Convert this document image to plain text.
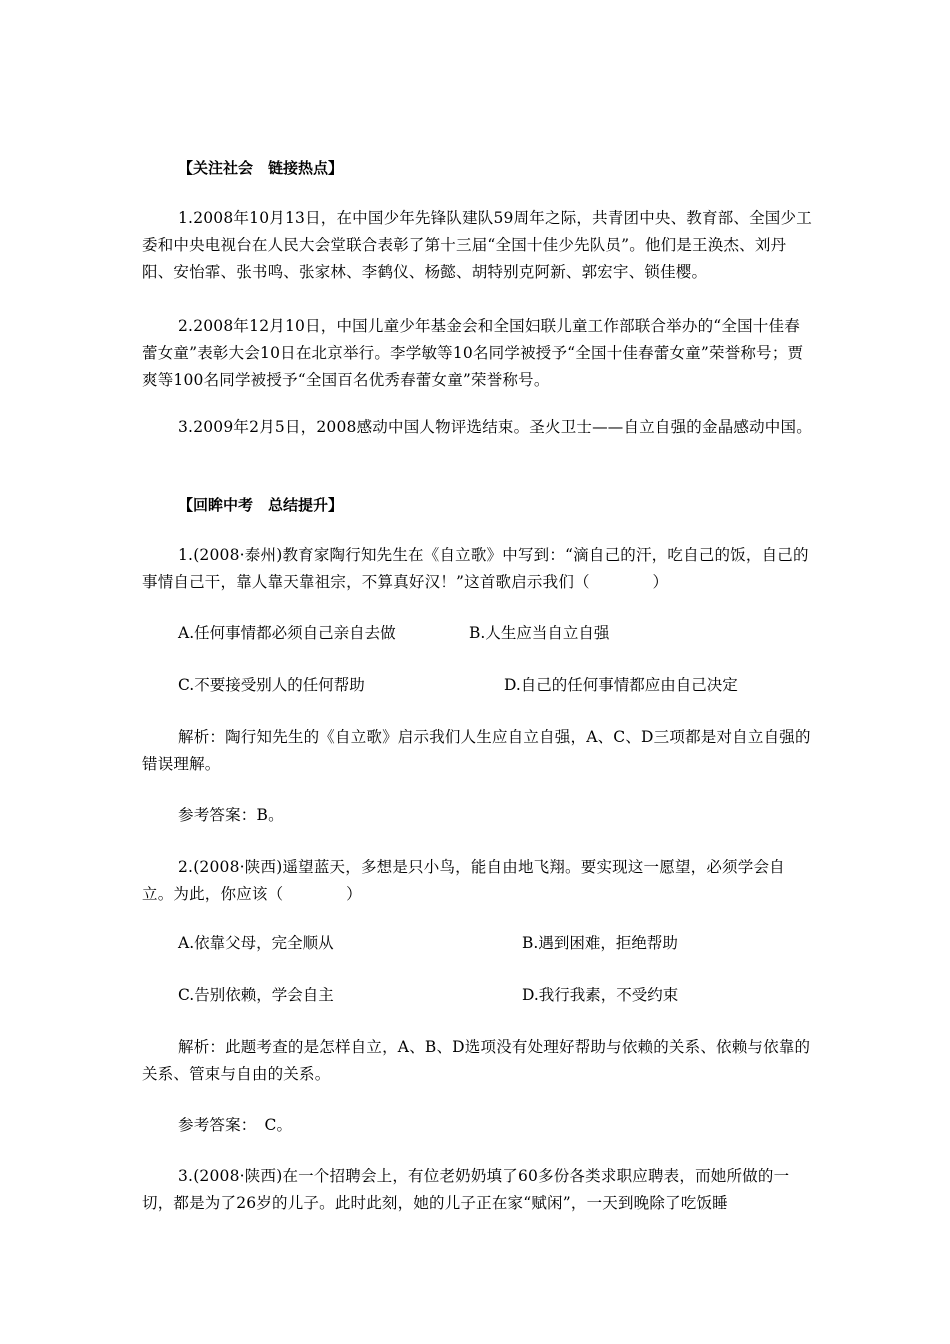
【关注社会　链接热点】
1.2008年10月13日，在中国少年先锋队建队59周年之际，共青团中央、教育部、全国少工委和中央电视台在人民大会堂联合表彰了第十三届“全国十佳少先队员”。他们是王涣杰、刘丹阳、安怡霏、张书鸣、张家林、李鹤仪、杨懿、胡特别克阿新、郭宏宇、锁佳樱。
2.2008年12月10日，中国儿童少年基金会和全国妇联儿童工作部联合举办的“全国十佳春蕾女童”表彰大会10日在北京举行。李学敏等10名同学被授予“全国十佳春蕾女童”荣誉称号；贾爽等100名同学被授予“全国百名优秀春蕾女童”荣誉称号。
3.2009年2月5日，2008感动中国人物评选结束。圣火卫士——自立自强的金晶感动中国。
【回眸中考　总结提升】
1.(2008·泰州)教育家陶行知先生在《自立歌》中写到：“滴自己的汗，吃自己的饭，自己的事情自己干，靠人靠天靠祖宗，不算真好汉！”这首歌启示我们（　　　　）
A.任何事情都必须自己亲自去做	B.人生应当自立自强
C.不要接受别人的任何帮助	D.自己的任何事情都应由自己决定
解析：陶行知先生的《自立歌》启示我们人生应自立自强，A、C、D三项都是对自立自强的错误理解。
参考答案：B。
2.(2008·陕西)遥望蓝天，多想是只小鸟，能自由地飞翔。要实现这一愿望，必须学会自立。为此，你应该（　　　　）
A.依靠父母，完全顺从	B.遇到困难，拒绝帮助
C.告别依赖，学会自主	D.我行我素，不受约束
解析：此题考查的是怎样自立，A、B、D选项没有处理好帮助与依赖的关系、依赖与依靠的关系、管束与自由的关系。
参考答案：　C。
3.(2008·陕西)在一个招聘会上，有位老奶奶填了60多份各类求职应聘表，而她所做的一切，都是为了26岁的儿子。此时此刻，她的儿子正在家“赋闲”，一天到晚除了吃饭睡
